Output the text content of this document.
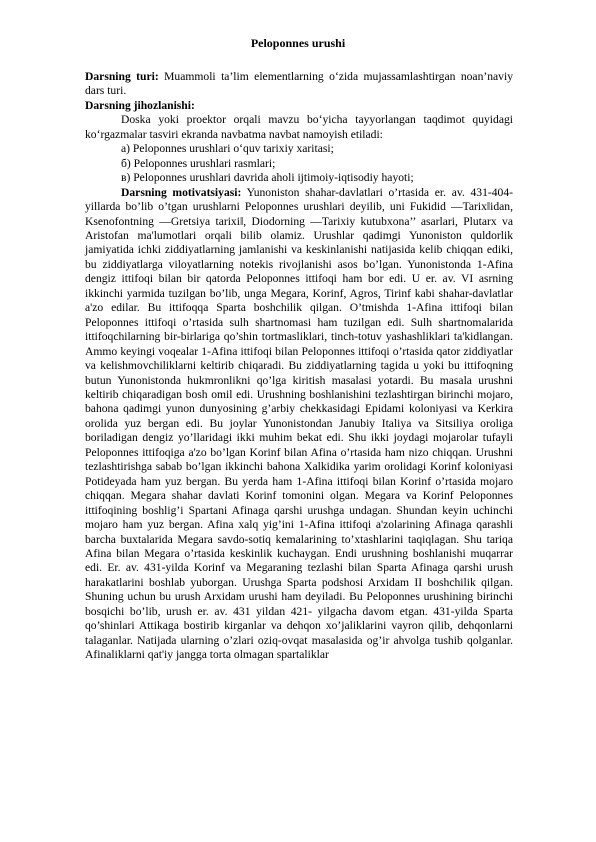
Peloponnes urushi

Darsning turi: Muammoli ta’lim elementlarning o‘zida mujassamlashtirgan noan’naviy dars turi.

Darsning jihozlanishi:

Doska yoki proektor orqali mavzu bo‘yicha tayyorlangan taqdimot quyidagi ko‘rgazmalar tasviri ekranda navbatma navbat namoyish etiladi:

а) Peloponnes urushlari o‘quv tarixiy xaritasi;

б) Peloponnes urushlari rasmlari;

в) Peloponnes urushlari davrida aholi ijtimoiy-iqtisodiy hayoti;

Darsning motivatsiyasi: Yunoniston shahar-davlatlari o’rtasida er. av. 431-404-yillarda bo’lib o’tgan urushlarni Peloponnes urushlari deyilib, uni Fukidid ―Tarix‖idan, Ksenofontning ―Gretsiya tarixi‖, Diodorning ―Tarixiy kutubxona’’ asarlari, Plutarx va Aristofan ma'lumotlari orqali bilib olamiz. Urushlar qadimgi Yunoniston quldorlik jamiyatida ichki ziddiyatlarning jamlanishi va keskinlanishi natijasida kelib chiqqan ediki, bu ziddiyatlarga viloyatlarning notekis rivojlanishi asos bo’lgan. Yunonistonda 1-Afina dengiz ittifoqi bilan bir qatorda Peloponnes ittifoqi ham bor edi. U er. av. VI asrning ikkinchi yarmida tuzilgan bo’lib, unga Megara, Korinf, Agros, Tirinf kabi shahar-davlatlar a'zo edilar. Bu ittifoqqa Sparta boshchilik qilgan. O’tmishda 1-Afina ittifoqi bilan Peloponnes ittifoqi o’rtasida sulh shartnomasi ham tuzilgan edi. Sulh shartnomalarida ittifoqchilarning bir-birlariga qo’shin tortmasliklari, tinch-totuv yashashliklari ta'kidlangan. Ammo keyingi voqealar 1-Afina ittifoqi bilan Peloponnes ittifoqi o’rtasida qator ziddiyatlar va kelishmovchiliklarni keltirib chiqaradi. Bu ziddiyatlarning tagida u yoki bu ittifoqning butun Yunonistonda hukmronlikni qo’lga kiritish masalasi yotardi. Bu masala urushni keltirib chiqaradigan bosh omil edi. Urushning boshlanishini tezlashtirgan birinchi mojaro, bahona qadimgi yunon dunyosining g’arbiy chekkasidagi Epidami koloniyasi va Kerkira orolida yuz bergan edi. Bu joylar Yunonistondan Janubiy Italiya va Sitsiliya oroliga boriladigan dengiz yo’llaridagi ikki muhim bekat edi. Shu ikki joydagi mojarolar tufayli Peloponnes ittifoqiga a'zo bo’lgan Korinf bilan Afina o’rtasida ham nizo chiqqan. Urushni tezlashtirishga sabab bo’lgan ikkinchi bahona Xalkidika yarim orolidagi Korinf koloniyasi Potideyada ham yuz bergan. Bu yerda ham 1-Afina ittifoqi bilan Korinf o’rtasida mojaro chiqqan. Megara shahar davlati Korinf tomonini olgan. Megara va Korinf Peloponnes ittifoqining boshlig’i Spartani Afinaga qarshi urushga undagan. Shundan keyin uchinchi mojaro ham yuz bergan. Afina xalq yig’ini 1-Afina ittifoqi a'zolarining Afinaga qarashli barcha buxtalarida Megara savdo-sotiq kemalarining to’xtashlarini taqiqlagan. Shu tariqa Afina bilan Megara o’rtasida keskinlik kuchaygan. Endi urushning boshlanishi muqarrar edi. Er. av. 431-yilda Korinf va Megaraning tezlashi bilan Sparta Afinaga qarshi urush harakatlarini boshlab yuborgan. Urushga Sparta podshosi Arxidam II boshchilik qilgan. Shuning uchun bu urush Arxidam urushi ham deyiladi. Bu Peloponnes urushining birinchi bosqichi bo’lib, urush er. av. 431 yildan 421- yilgacha davom etgan. 431-yilda Sparta qo’shinlari Attikaga bostirib kirganlar va dehqon xo’jaliklarini vayron qilib, dehqonlarni talaganlar. Natijada ularning o’zlari oziq-ovqat masalasida og’ir ahvolga tushib qolganlar. Afinaliklarni qat'iy jangga torta olmagan spartaliklar
